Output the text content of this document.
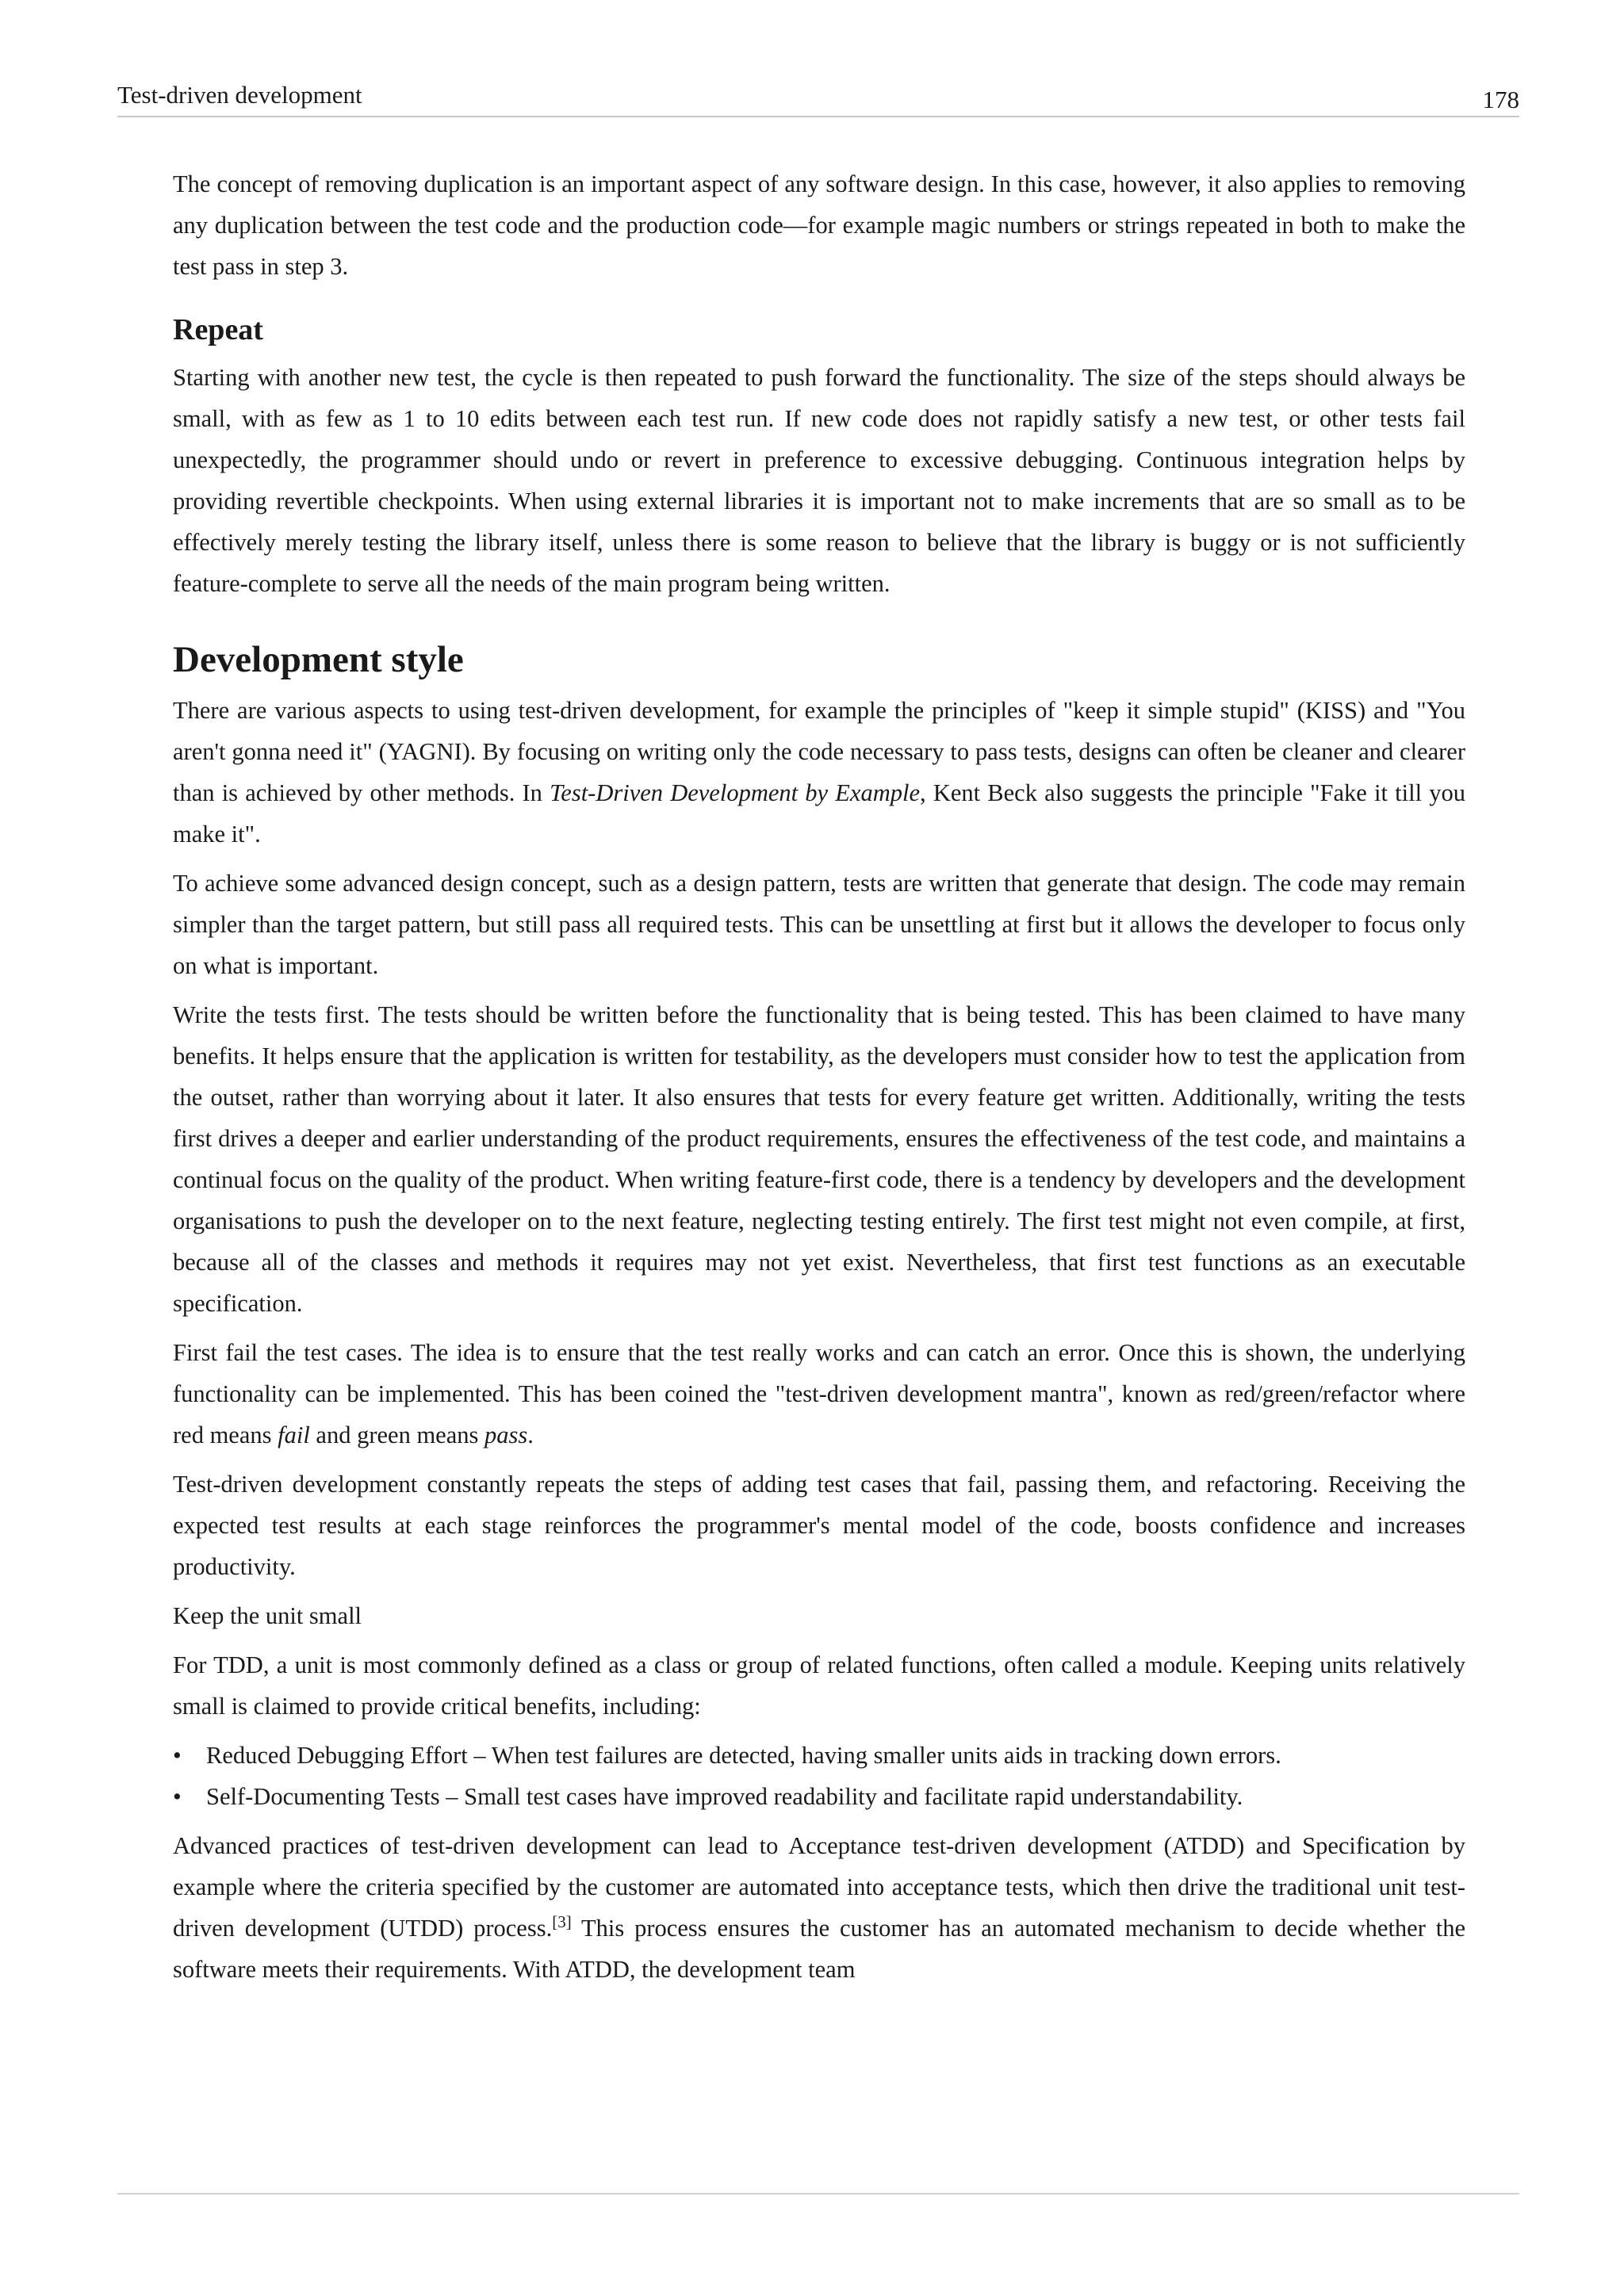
Test-driven development	178

The concept of removing duplication is an important aspect of any software design. In this case, however, it also applies to removing any duplication between the test code and the production code—for example magic numbers or strings repeated in both to make the test pass in step 3.

Repeat

Starting with another new test, the cycle is then repeated to push forward the functionality. The size of the steps should always be small, with as few as 1 to 10 edits between each test run. If new code does not rapidly satisfy a new test, or other tests fail unexpectedly, the programmer should undo or revert in preference to excessive debugging. Continuous integration helps by providing revertible checkpoints. When using external libraries it is important not to make increments that are so small as to be effectively merely testing the library itself, unless there is some reason to believe that the library is buggy or is not sufficiently feature-complete to serve all the needs of the main program being written.

Development style

There are various aspects to using test-driven development, for example the principles of "keep it simple stupid" (KISS) and "You aren't gonna need it" (YAGNI). By focusing on writing only the code necessary to pass tests, designs can often be cleaner and clearer than is achieved by other methods. In Test-Driven Development by Example, Kent Beck also suggests the principle "Fake it till you make it".

To achieve some advanced design concept, such as a design pattern, tests are written that generate that design. The code may remain simpler than the target pattern, but still pass all required tests. This can be unsettling at first but it allows the developer to focus only on what is important.

Write the tests first. The tests should be written before the functionality that is being tested. This has been claimed to have many benefits. It helps ensure that the application is written for testability, as the developers must consider how to test the application from the outset, rather than worrying about it later. It also ensures that tests for every feature get written. Additionally, writing the tests first drives a deeper and earlier understanding of the product requirements, ensures the effectiveness of the test code, and maintains a continual focus on the quality of the product. When writing feature-first code, there is a tendency by developers and the development organisations to push the developer on to the next feature, neglecting testing entirely. The first test might not even compile, at first, because all of the classes and methods it requires may not yet exist. Nevertheless, that first test functions as an executable specification.

First fail the test cases. The idea is to ensure that the test really works and can catch an error. Once this is shown, the underlying functionality can be implemented. This has been coined the "test-driven development mantra", known as red/green/refactor where red means fail and green means pass.

Test-driven development constantly repeats the steps of adding test cases that fail, passing them, and refactoring. Receiving the expected test results at each stage reinforces the programmer's mental model of the code, boosts confidence and increases productivity.

Keep the unit small

For TDD, a unit is most commonly defined as a class or group of related functions, often called a module. Keeping units relatively small is claimed to provide critical benefits, including:

• Reduced Debugging Effort – When test failures are detected, having smaller units aids in tracking down errors.
• Self-Documenting Tests – Small test cases have improved readability and facilitate rapid understandability.

Advanced practices of test-driven development can lead to Acceptance test-driven development (ATDD) and Specification by example where the criteria specified by the customer are automated into acceptance tests, which then drive the traditional unit test-driven development (UTDD) process.[3] This process ensures the customer has an automated mechanism to decide whether the software meets their requirements. With ATDD, the development team
